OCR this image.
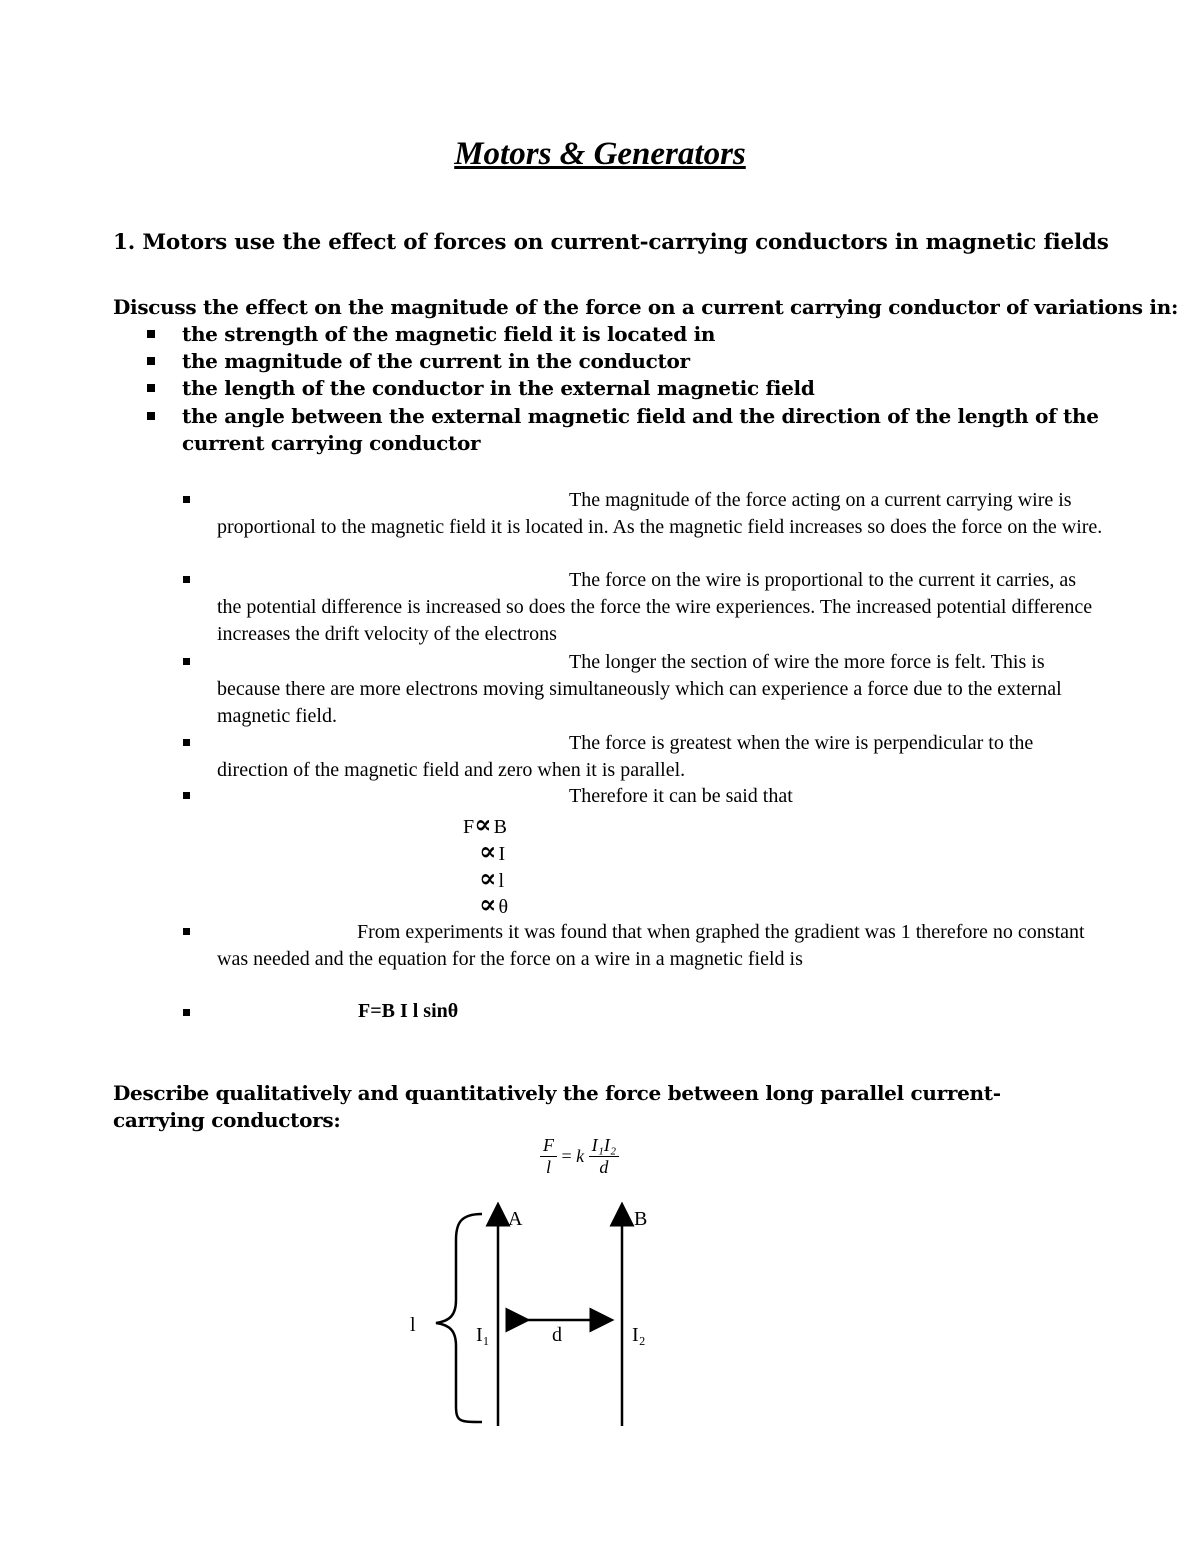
Motors & Generators
1. Motors use the effect of forces on current-carrying conductors in magnetic fields
Discuss the effect on the magnitude of the force on a current carrying conductor of variations in:
the strength of the magnetic field it is located in
the magnitude of the current in the conductor
the length of the conductor in the external magnetic field
the angle between the external magnetic field and the direction of the length of the current carrying conductor
The magnitude of the force acting on a current carrying wire is proportional to the magnetic field it is located in. As the magnetic field increases so does the force on the wire.
The force on the wire is proportional to the current it carries, as the potential difference is increased so does the force the wire experiences. The increased potential difference increases the drift velocity of the electrons
The longer the section of wire the more force is felt. This is because there are more electrons moving simultaneously which can experience a force due to the external magnetic field.
The force is greatest when the wire is perpendicular to the direction of the magnetic field and zero when it is parallel.
Therefore it can be said that
F∝ B
∝ I
∝ l
∝ θ
From experiments it was found that when graphed the gradient was 1 therefore no constant was needed and the equation for the force on a wire in a magnetic field is
F=B I l sinθ
Describe qualitatively and quantitatively the force between long parallel current-carrying conductors:
$\frac{F}{l} = k \frac{\text{I₁I₂}}{d}$
A	B
l	I₁	d	I₂
